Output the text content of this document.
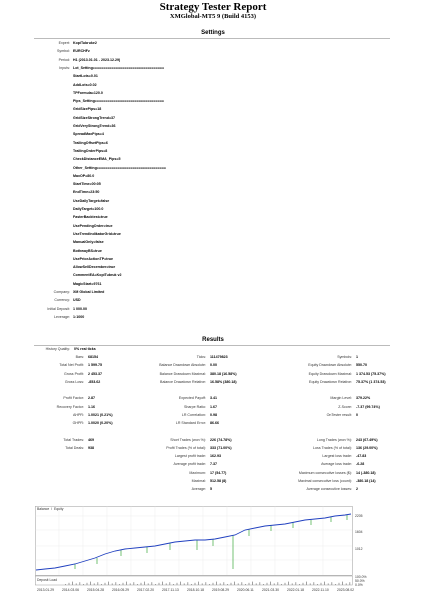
Strategy Tester Report
XMGlobal-MT5 9 (Build 4153)
Settings
Expert: KopiTubruke2
Symbol: EURCHFz
Period: H1 (2013.01.01 - 2023.12.29)
Inputs: Lot_Setting==================================
StartLots=0.01
AddLots=0.02
TPFormula=120.0
Pips_Setting=================================
GridSizePips=18
GridSizeStrongTrend=37
GridVeryStrongTrend=36
SpreadMaxPips=4
TrailingOffsetPips=6
TrailingOrderPips=8
CheckDistanceEMA_Pips=5
Other_Setting=================================
MaxOP=80.0
StartTime=00:05
EndTime=23:50
UseDailyTarget=false
DailyTarget=100.0
FasterBacktest=true
UsePendingOrder=true
UseTrendIndikatorGrid=true
ManualOnly=false
BothwayBS=true
UsePriceActionTP=true
AllowSellDecember=true
CommentEA=KopiTubruk v2
MagicStart=9761
Company: XM Global Limited
Currency: USD
Initial Deposit: 1 000.00
Leverage: 1:1000
Results
History Quality: 0% real ticks
Bars: 68154
Total Net Profit: 1 599.75
Gross Profit: 2 453.37
Gross Loss: -853.62
Profit Factor: 2.87
Recovery Factor: 1.16
AHPR: 1.0021 (0.21%)
GHPR: 1.0020 (0.20%)
Total Trades: 469
Total Deals: 938
Ticks: 111479823
Balance Drawdown Absolute: 0.00
Balance Drawdown Maximal: 380.18 (16.58%)
Balance Drawdown Relative: 16.58% (380.18)
Expected Payoff: 3.41
Sharpe Ratio: 1.67
LR Correlation: 0.98
LR Standard Error: 86.66
Short Trades (won %): 226 (74.78%)
Profit Trades (% of total): 333 (71.00%)
Largest profit trade: 162.93
Average profit trade: 7.37
Maximum: 17 (54.77)
Maximal: 512.58 (8)
Average: 5
Symbols: 1
Equity Drawdown Absolute: 550.70
Equity Drawdown Maximal: 1 374.53 (75.37%)
Equity Drawdown Relative: 75.37% (1 374.53)
Margin Level: 379.22%
Z-Score: -7.37 (99.74%)
OnTester result: 0
Long Trades (won %): 243 (67.49%)
Loss Trades (% of total): 136 (29.00%)
Largest loss trade: -47.83
Average loss trade: -6.28
Maximum consecutive losses ($): 14 (-380.18)
Maximal consecutive loss (count): -380.18 (14)
Average consecutive losses: 2
Balance / Equity
2205
1604
1012
Deposit Load
100.0%
50.0%
0.0%
2013.01.29 2014.03.06 2015.04.28 2016.05.29 2017.02.20 2017.11.13 2018.10.18 2019.08.29 2020.06.11 2021.03.30 2022.01.18 2022.11.10 2023.08.02
